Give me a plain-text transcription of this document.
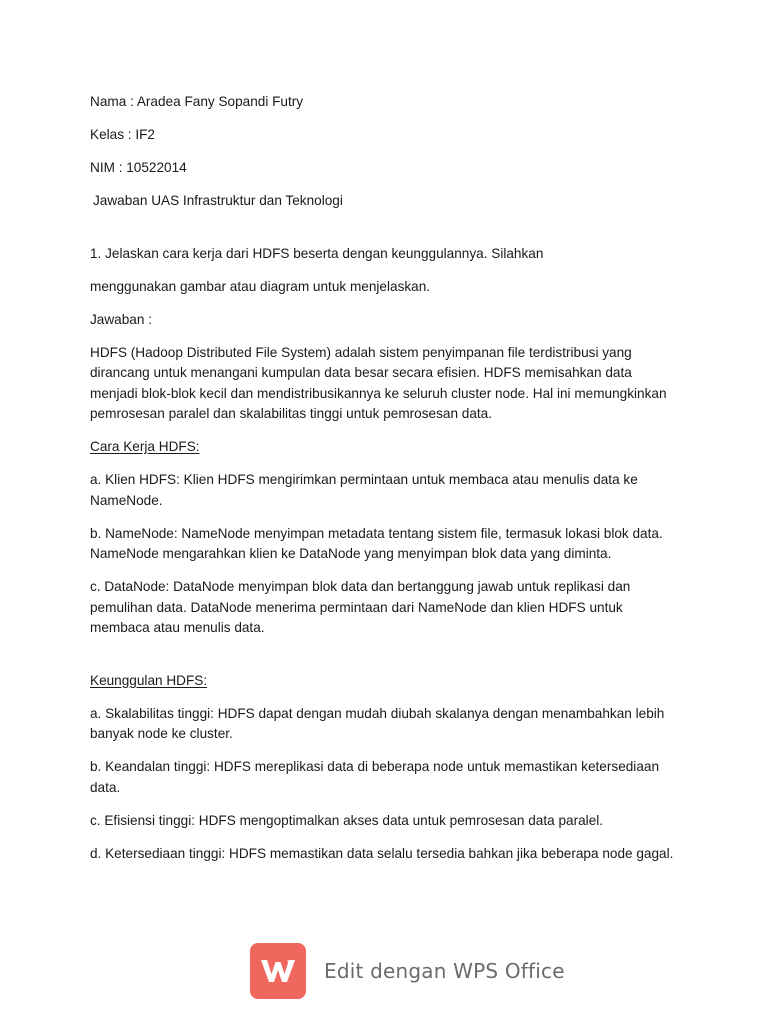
Nama : Aradea Fany Sopandi Futry

Kelas : IF2

NIM : 10522014

Jawaban UAS Infrastruktur dan Teknologi

1. Jelaskan cara kerja dari HDFS beserta dengan keunggulannya. Silahkan

menggunakan gambar atau diagram untuk menjelaskan.

Jawaban :

HDFS (Hadoop Distributed File System) adalah sistem penyimpanan file terdistribusi yang
dirancang untuk menangani kumpulan data besar secara efisien. HDFS memisahkan data
menjadi blok-blok kecil dan mendistribusikannya ke seluruh cluster node. Hal ini memungkinkan
pemrosesan paralel dan skalabilitas tinggi untuk pemrosesan data.

Cara Kerja HDFS:

a. Klien HDFS: Klien HDFS mengirimkan permintaan untuk membaca atau menulis data ke
NameNode.
b. NameNode: NameNode menyimpan metadata tentang sistem file, termasuk lokasi blok data.
NameNode mengarahkan klien ke DataNode yang menyimpan blok data yang diminta.
c. DataNode: DataNode menyimpan blok data dan bertanggung jawab untuk replikasi dan
pemulihan data. DataNode menerima permintaan dari NameNode dan klien HDFS untuk
membaca atau menulis data.

Keunggulan HDFS:

a. Skalabilitas tinggi: HDFS dapat dengan mudah diubah skalanya dengan menambahkan lebih
banyak node ke cluster.
b. Keandalan tinggi: HDFS mereplikasi data di beberapa node untuk memastikan ketersediaan
data.
c. Efisiensi tinggi: HDFS mengoptimalkan akses data untuk pemrosesan data paralel.
d. Ketersediaan tinggi: HDFS memastikan data selalu tersedia bahkan jika beberapa node gagal.
Edit dengan WPS Office
